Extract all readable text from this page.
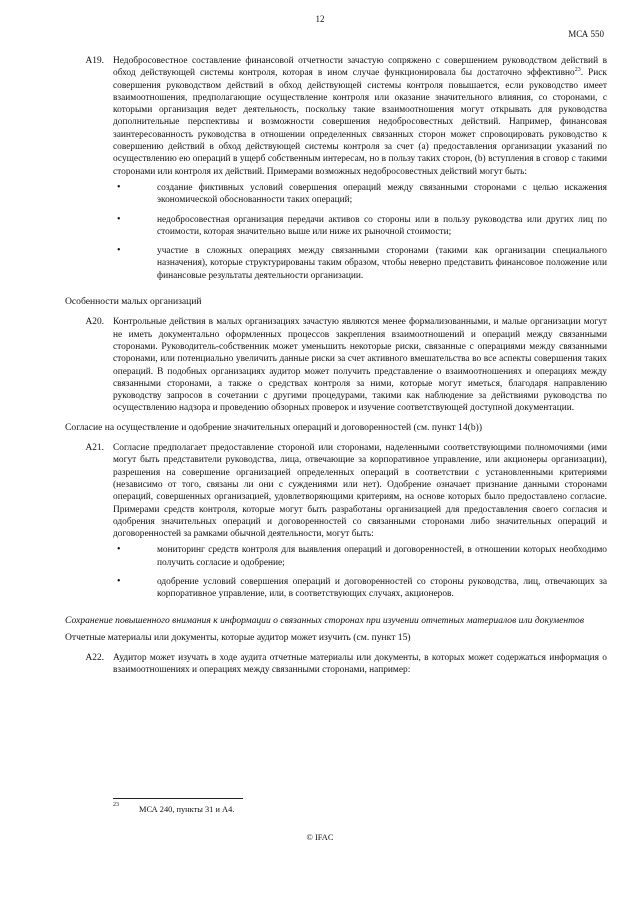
12
МСА 550
A19. Недобросовестное составление финансовой отчетности зачастую сопряжено с совершением руководством действий в обход действующей системы контроля, которая в ином случае функционировала бы достаточно эффективно$^{23}$. Риск совершения руководством действий в обход действующей системы контроля повышается, если руководство имеет взаимоотношения, предполагающие осуществление контроля или оказание значительного влияния, со сторонами, с которыми организация ведет деятельность, поскольку такие взаимоотношения могут открывать для руководства дополнительные перспективы и возможности совершения недобросовестных действий. Например, финансовая заинтересованность руководства в отношении определенных связанных сторон может спровоцировать руководство к совершению действий в обход действующей системы контроля за счет (а) предоставления организации указаний по осуществлению ею операций в ущерб собственным интересам, но в пользу таких сторон, (b) вступления в сговор с такими сторонами или контроля их действий. Примерами возможных недобросовестных действий могут быть:
• создание фиктивных условий совершения операций между связанными сторонами с целью искажения экономической обоснованности таких операций;
• недобросовестная организация передачи активов со стороны или в пользу руководства или других лиц по стоимости, которая значительно выше или ниже их рыночной стоимости;
• участие в сложных операциях между связанными сторонами (такими как организации специального назначения), которые структурированы таким образом, чтобы неверно представить финансовое положение или финансовые результаты деятельности организации.
Особенности малых организаций
A20. Контрольные действия в малых организациях зачастую являются менее формализованными, и малые организации могут не иметь документально оформленных процессов закрепления взаимоотношений и операций между связанными сторонами. Руководитель-собственник может уменьшить некоторые риски, связанные с операциями между связанными сторонами, или потенциально увеличить данные риски за счет активного вмешательства во все аспекты совершения таких операций. В подобных организациях аудитор может получить представление о взаимоотношениях и операциях между связанными сторонами, а также о средствах контроля за ними, которые могут иметься, благодаря направлению руководству запросов в сочетании с другими процедурами, такими как наблюдение за действиями руководства по осуществлению надзора и проведению обзорных проверок и изучение соответствующей доступной документации.
Согласие на осуществление и одобрение значительных операций и договоренностей (см. пункт 14(b))
A21. Согласие предполагает предоставление стороной или сторонами, наделенными соответствующими полномочиями (ими могут быть представители руководства, лица, отвечающие за корпоративное управление, или акционеры организации), разрешения на совершение организацией определенных операций в соответствии с установленными критериями (независимо от того, связаны ли они с суждениями или нет). Одобрение означает признание данными сторонами операций, совершенных организацией, удовлетворяющими критериям, на основе которых было предоставлено согласие. Примерами средств контроля, которые могут быть разработаны организацией для предоставления своего согласия и одобрения значительных операций и договоренностей со связанными сторонами либо значительных операций и договоренностей за рамками обычной деятельности, могут быть:
• мониторинг средств контроля для выявления операций и договоренностей, в отношении которых необходимо получить согласие и одобрение;
• одобрение условий совершения операций и договоренностей со стороны руководства, лиц, отвечающих за корпоративное управление, или, в соответствующих случаях, акционеров.
Сохранение повышенного внимания к информации о связанных сторонах при изучении отчетных материалов или документов
Отчетные материалы или документы, которые аудитор может изучить (см. пункт 15)
A22. Аудитор может изучать в ходе аудита отчетные материалы или документы, в которых может содержаться информация о взаимоотношениях и операциях между связанными сторонами, например:
23	МСА 240, пункты 31 и А4.
© IFAC
